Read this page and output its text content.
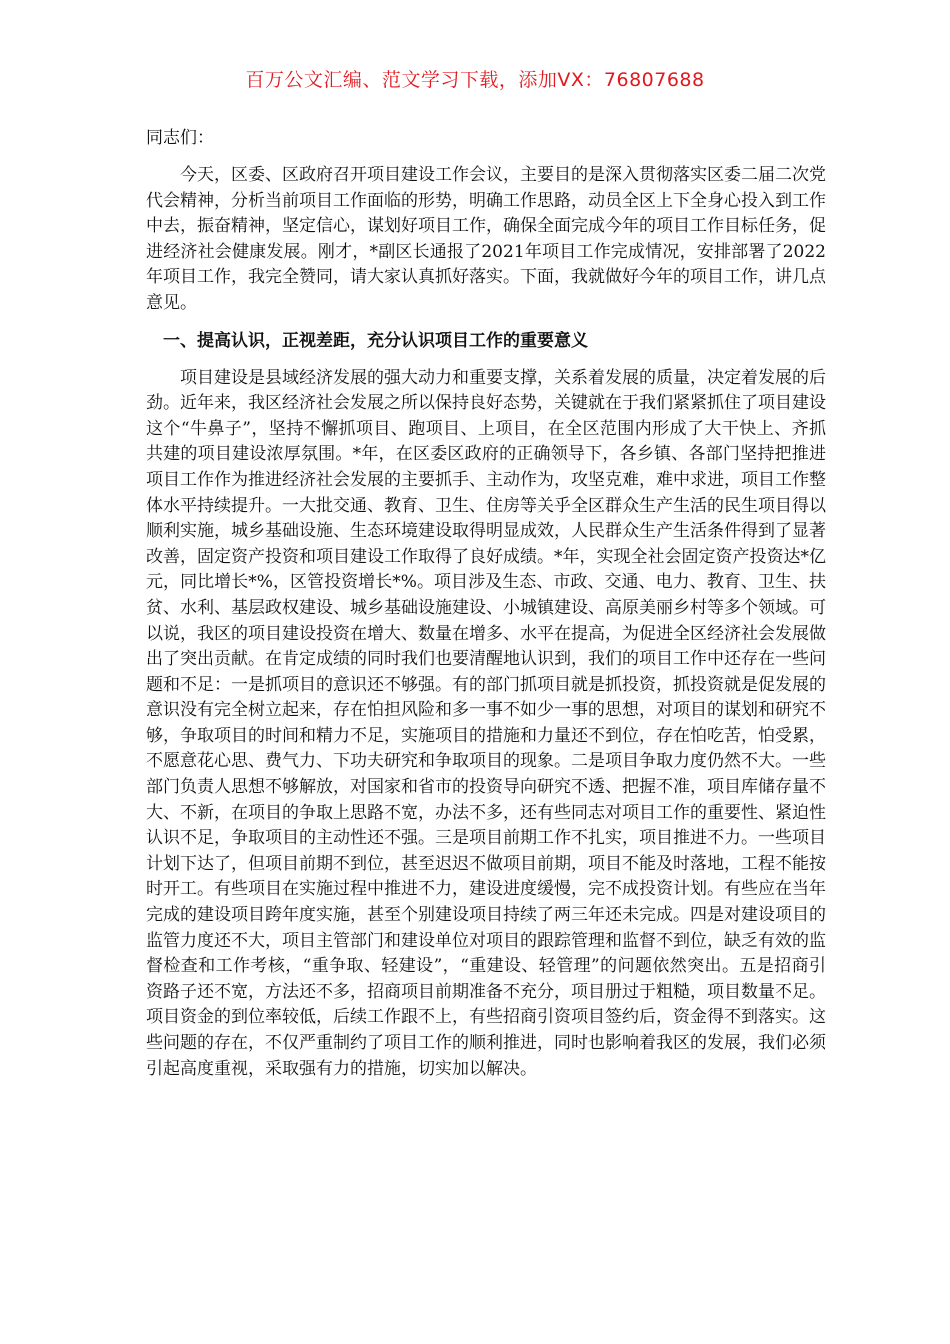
百万公文汇编、范文学习下载，添加VX：76807688

同志们：

今天，区委、区政府召开项目建设工作会议，主要目的是深入贯彻落实区委二届二次党代会精神，分析当前项目工作面临的形势，明确工作思路，动员全区上下全身心投入到工作中去，振奋精神，坚定信心，谋划好项目工作，确保全面完成今年的项目工作目标任务，促进经济社会健康发展。刚才，*副区长通报了2021年项目工作完成情况，安排部署了2022年项目工作，我完全赞同，请大家认真抓好落实。下面，我就做好今年的项目工作，讲几点意见。

一、提高认识，正视差距，充分认识项目工作的重要意义

项目建设是县域经济发展的强大动力和重要支撑，关系着发展的质量，决定着发展的后劲。近年来，我区经济社会发展之所以保持良好态势，关键就在于我们紧紧抓住了项目建设这个“牛鼻子”，坚持不懈抓项目、跑项目、上项目，在全区范围内形成了大干快上、齐抓共建的项目建设浓厚氛围。*年，在区委区政府的正确领导下，各乡镇、各部门坚持把推进项目工作作为推进经济社会发展的主要抓手、主动作为，攻坚克难，难中求进，项目工作整体水平持续提升。一大批交通、教育、卫生、住房等关乎全区群众生产生活的民生项目得以顺利实施，城乡基础设施、生态环境建设取得明显成效，人民群众生产生活条件得到了显著改善，固定资产投资和项目建设工作取得了良好成绩。*年，实现全社会固定资产投资达*亿元，同比增长*%，区管投资增长*%。项目涉及生态、市政、交通、电力、教育、卫生、扶贫、水利、基层政权建设、城乡基础设施建设、小城镇建设、高原美丽乡村等多个领域。可以说，我区的项目建设投资在增大、数量在增多、水平在提高，为促进全区经济社会发展做出了突出贡献。在肯定成绩的同时我们也要清醒地认识到，我们的项目工作中还存在一些问题和不足：一是抓项目的意识还不够强。有的部门抓项目就是抓投资，抓投资就是促发展的意识没有完全树立起来，存在怕担风险和多一事不如少一事的思想，对项目的谋划和研究不够，争取项目的时间和精力不足，实施项目的措施和力量还不到位，存在怕吃苦，怕受累，不愿意花心思、费气力、下功夫研究和争取项目的现象。二是项目争取力度仍然不大。一些部门负责人思想不够解放，对国家和省市的投资导向研究不透、把握不准，项目库储存量不大、不新，在项目的争取上思路不宽，办法不多，还有些同志对项目工作的重要性、紧迫性认识不足，争取项目的主动性还不强。三是项目前期工作不扎实，项目推进不力。一些项目计划下达了，但项目前期不到位，甚至迟迟不做项目前期，项目不能及时落地，工程不能按时开工。有些项目在实施过程中推进不力，建设进度缓慢，完不成投资计划。有些应在当年完成的建设项目跨年度实施，甚至个别建设项目持续了两三年还未完成。四是对建设项目的监管力度还不大，项目主管部门和建设单位对项目的跟踪管理和监督不到位，缺乏有效的监督检查和工作考核，“重争取、轻建设”，“重建设、轻管理”的问题依然突出。五是招商引资路子还不宽，方法还不多，招商项目前期准备不充分，项目册过于粗糙，项目数量不足。项目资金的到位率较低，后续工作跟不上，有些招商引资项目签约后，资金得不到落实。这些问题的存在，不仅严重制约了项目工作的顺利推进，同时也影响着我区的发展，我们必须引起高度重视，采取强有力的措施，切实加以解决。
